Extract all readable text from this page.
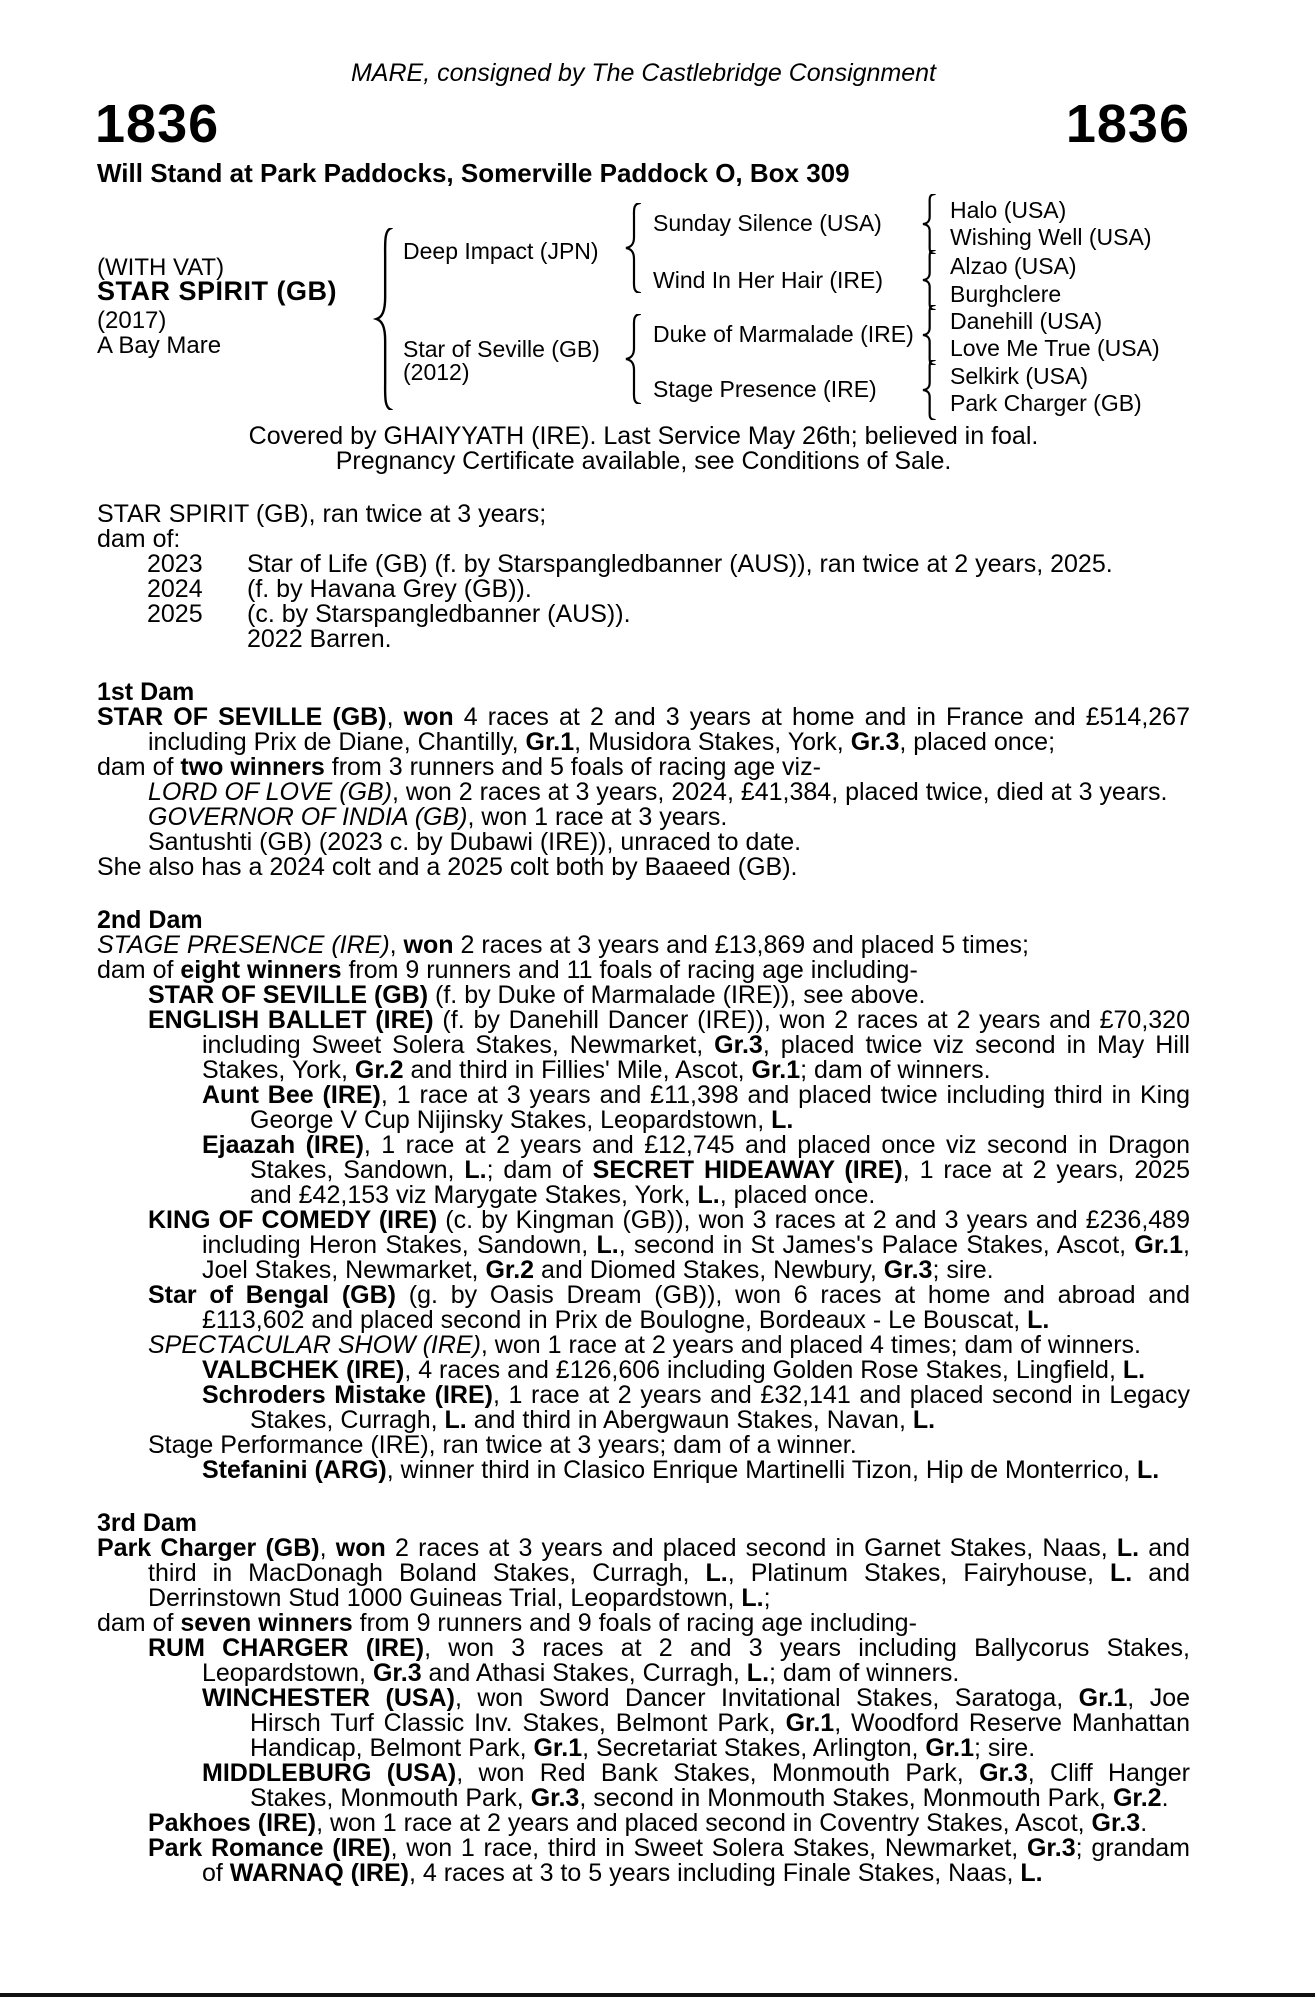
MARE, consigned by The Castlebridge Consignment
1836	1836
Will Stand at Park Paddocks, Somerville Paddock O, Box 309
(WITH VAT)
STAR SPIRIT (GB)
(2017)
A Bay Mare
Deep Impact (JPN)
Star of Seville (GB)
(2012)
Sunday Silence (USA)
Wind In Her Hair (IRE)
Duke of Marmalade (IRE)
Stage Presence (IRE)
Halo (USA)
Wishing Well (USA)
Alzao (USA)
Burghclere
Danehill (USA)
Love Me True (USA)
Selkirk (USA)
Park Charger (GB)
Covered by GHAIYYATH (IRE). Last Service May 26th; believed in foal.
Pregnancy Certificate available, see Conditions of Sale.
STAR SPIRIT (GB), ran twice at 3 years;
dam of:
2023 Star of Life (GB) (f. by Starspangledbanner (AUS)), ran twice at 2 years, 2025.
2024 (f. by Havana Grey (GB)).
2025 (c. by Starspangledbanner (AUS)).
2022 Barren.
1st Dam
STAR OF SEVILLE (GB), won 4 races at 2 and 3 years at home and in France and £514,267 including Prix de Diane, Chantilly, Gr.1, Musidora Stakes, York, Gr.3, placed once;
dam of two winners from 3 runners and 5 foals of racing age viz-
LORD OF LOVE (GB), won 2 races at 3 years, 2024, £41,384, placed twice, died at 3 years.
GOVERNOR OF INDIA (GB), won 1 race at 3 years.
Santushti (GB) (2023 c. by Dubawi (IRE)), unraced to date.
She also has a 2024 colt and a 2025 colt both by Baaeed (GB).
2nd Dam
STAGE PRESENCE (IRE), won 2 races at 3 years and £13,869 and placed 5 times;
dam of eight winners from 9 runners and 11 foals of racing age including-
STAR OF SEVILLE (GB) (f. by Duke of Marmalade (IRE)), see above.
ENGLISH BALLET (IRE) (f. by Danehill Dancer (IRE)), won 2 races at 2 years and £70,320 including Sweet Solera Stakes, Newmarket, Gr.3, placed twice viz second in May Hill Stakes, York, Gr.2 and third in Fillies' Mile, Ascot, Gr.1; dam of winners.
Aunt Bee (IRE), 1 race at 3 years and £11,398 and placed twice including third in King George V Cup Nijinsky Stakes, Leopardstown, L.
Ejaazah (IRE), 1 race at 2 years and £12,745 and placed once viz second in Dragon Stakes, Sandown, L.; dam of SECRET HIDEAWAY (IRE), 1 race at 2 years, 2025 and £42,153 viz Marygate Stakes, York, L., placed once.
KING OF COMEDY (IRE) (c. by Kingman (GB)), won 3 races at 2 and 3 years and £236,489 including Heron Stakes, Sandown, L., second in St James's Palace Stakes, Ascot, Gr.1, Joel Stakes, Newmarket, Gr.2 and Diomed Stakes, Newbury, Gr.3; sire.
Star of Bengal (GB) (g. by Oasis Dream (GB)), won 6 races at home and abroad and £113,602 and placed second in Prix de Boulogne, Bordeaux - Le Bouscat, L.
SPECTACULAR SHOW (IRE), won 1 race at 2 years and placed 4 times; dam of winners.
VALBCHEK (IRE), 4 races and £126,606 including Golden Rose Stakes, Lingfield, L.
Schroders Mistake (IRE), 1 race at 2 years and £32,141 and placed second in Legacy Stakes, Curragh, L. and third in Abergwaun Stakes, Navan, L.
Stage Performance (IRE), ran twice at 3 years; dam of a winner.
Stefanini (ARG), winner third in Clasico Enrique Martinelli Tizon, Hip de Monterrico, L.
3rd Dam
Park Charger (GB), won 2 races at 3 years and placed second in Garnet Stakes, Naas, L. and third in MacDonagh Boland Stakes, Curragh, L., Platinum Stakes, Fairyhouse, L. and Derrinstown Stud 1000 Guineas Trial, Leopardstown, L.;
dam of seven winners from 9 runners and 9 foals of racing age including-
RUM CHARGER (IRE), won 3 races at 2 and 3 years including Ballycorus Stakes, Leopardstown, Gr.3 and Athasi Stakes, Curragh, L.; dam of winners.
WINCHESTER (USA), won Sword Dancer Invitational Stakes, Saratoga, Gr.1, Joe Hirsch Turf Classic Inv. Stakes, Belmont Park, Gr.1, Woodford Reserve Manhattan Handicap, Belmont Park, Gr.1, Secretariat Stakes, Arlington, Gr.1; sire.
MIDDLEBURG (USA), won Red Bank Stakes, Monmouth Park, Gr.3, Cliff Hanger Stakes, Monmouth Park, Gr.3, second in Monmouth Stakes, Monmouth Park, Gr.2.
Pakhoes (IRE), won 1 race at 2 years and placed second in Coventry Stakes, Ascot, Gr.3.
Park Romance (IRE), won 1 race, third in Sweet Solera Stakes, Newmarket, Gr.3; grandam of WARNAQ (IRE), 4 races at 3 to 5 years including Finale Stakes, Naas, L.
